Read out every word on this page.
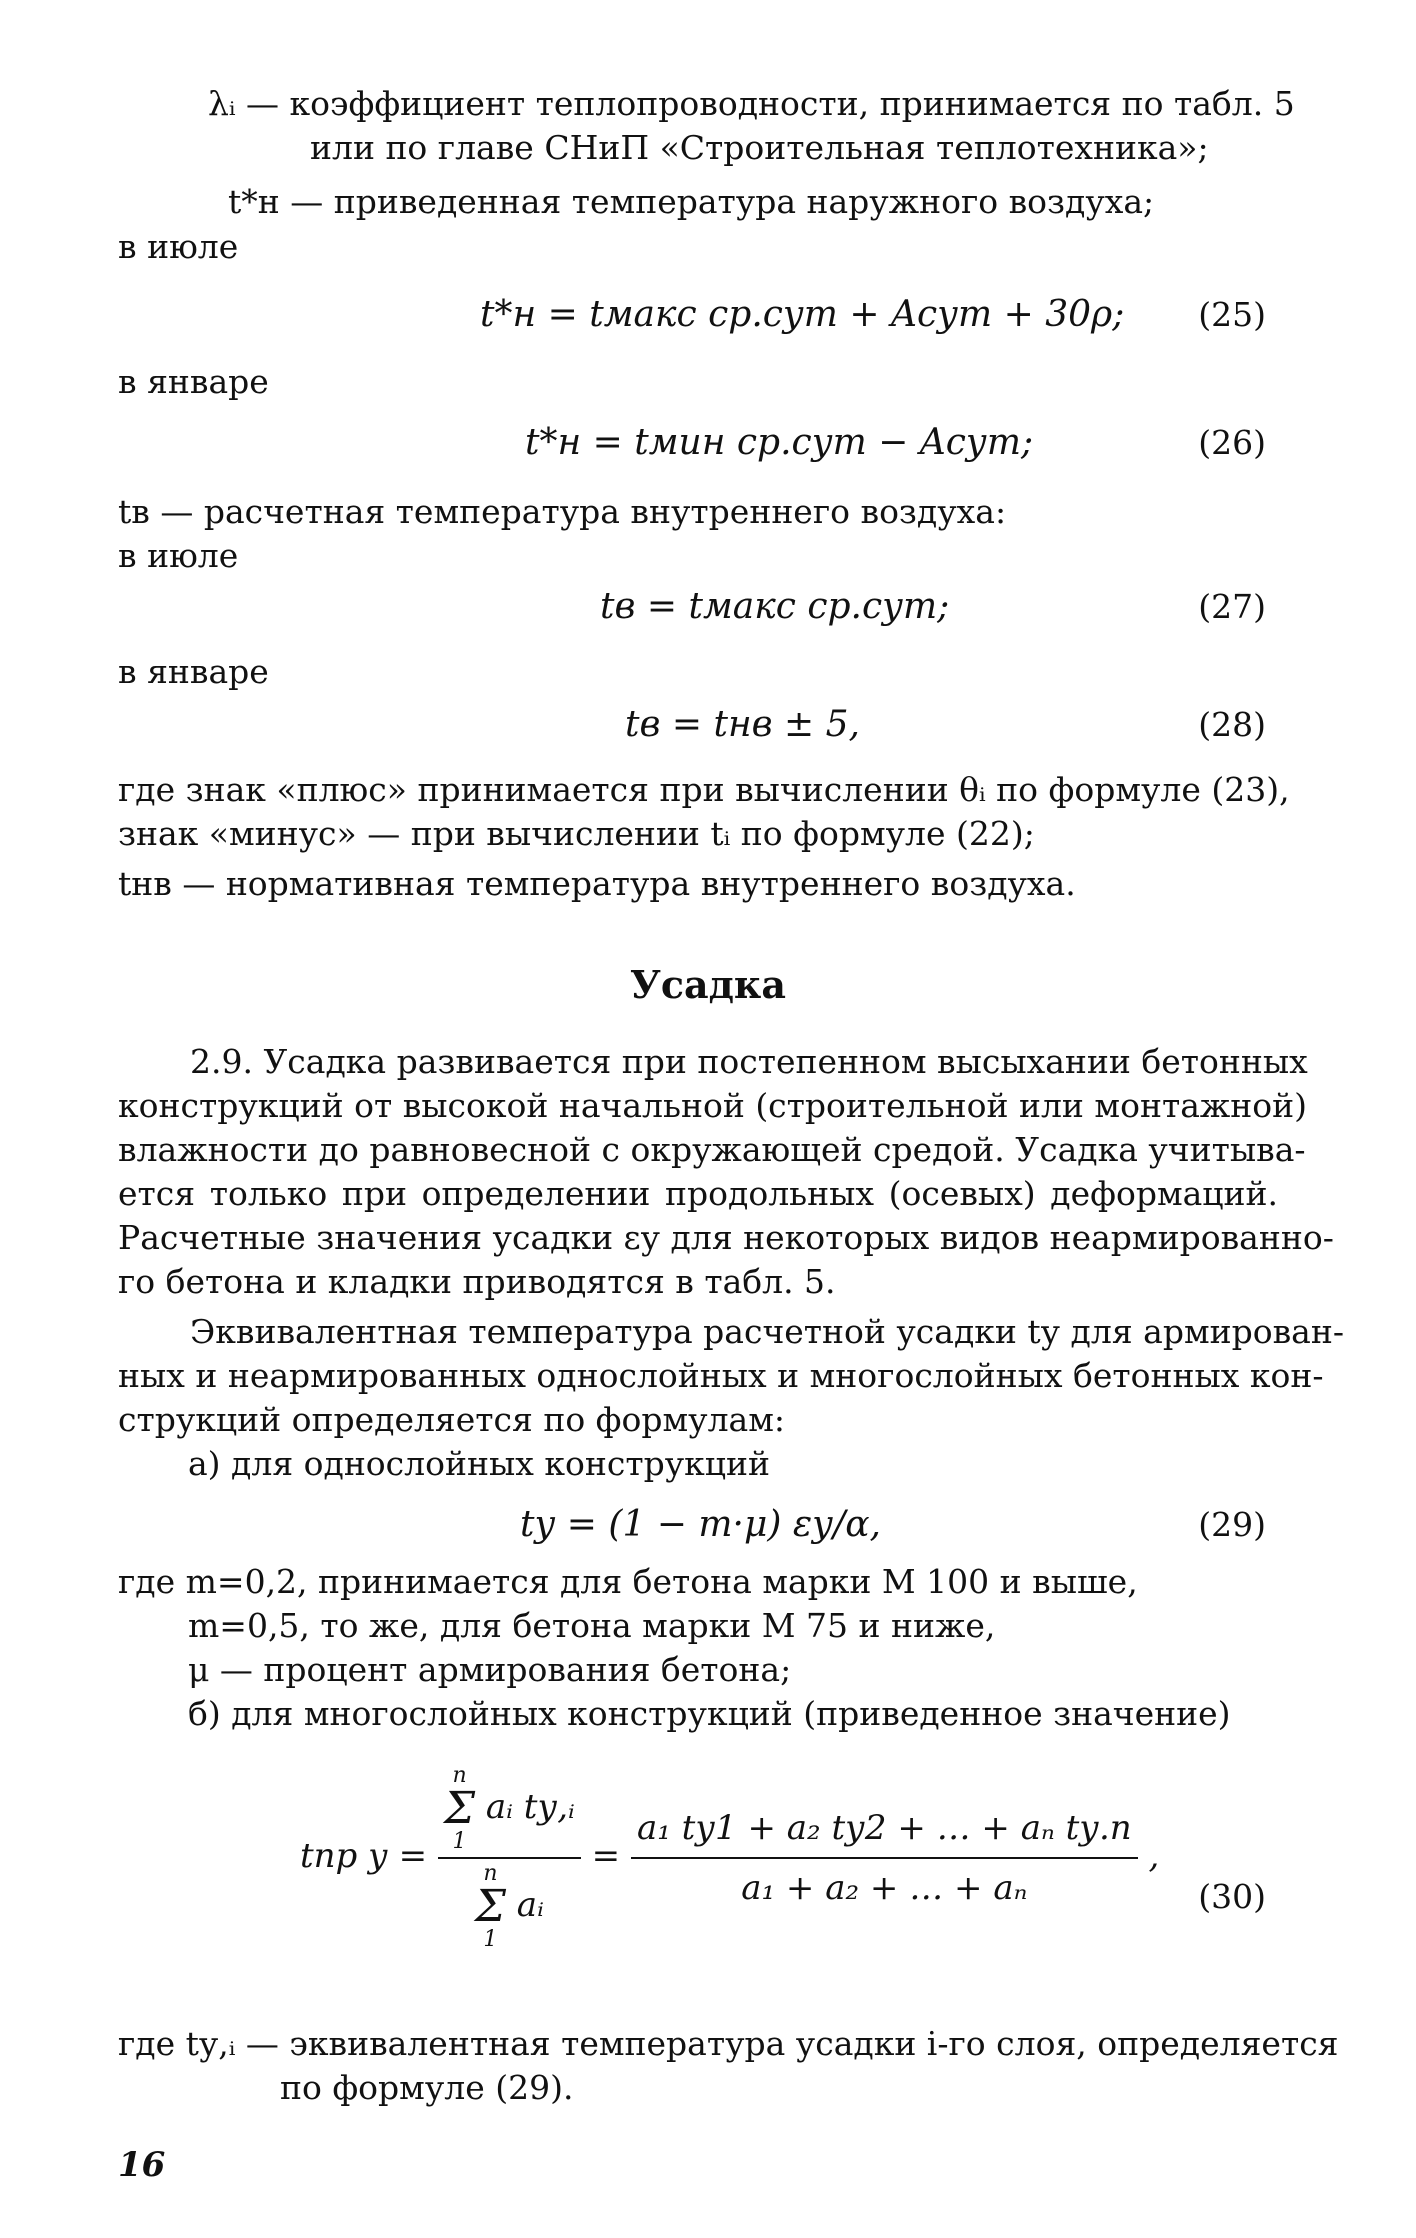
λᵢ — коэффициент теплопроводности, принимается по табл. 5
или по главе СНиП «Строительная теплотехника»;
t*н — приведенная температура наружного воздуха;
в июле
t*н = tмакс ср.сут + Aсут + 30ρ; (25)
в январе
t*н = tмин ср.сут − Aсут;	(26)
tв — расчетная температура внутреннего воздуха:
в июле
tв = tмакс ср.сут;	(27)
в январе
tв = tнв ± 5,	(28)
где знак «плюс» принимается при вычислении θᵢ по формуле (23),
знак «минус» — при вычислении tᵢ по формуле (22);
tнв — нормативная температура внутреннего воздуха.
Усадка
2.9. Усадка развивается при постепенном высыхании бетонных
конструкций от высокой начальной (строительной или монтажной)
влажности до равновесной с окружающей средой. Усадка учитыва-
ется только при определении продольных (осевых) деформаций.
Расчетные значения усадки εу для некоторых видов неармированно-
го бетона и кладки приводятся в табл. 5.
Эквивалентная температура расчетной усадки tу для армирован-
ных и неармированных однослойных и многослойных бетонных кон-
струкций определяется по формулам:
а) для однослойных конструкций
tу = (1 − m·μ) εу/α,	(29)
где m=0,2, принимается для бетона марки М 100 и выше,
m=0,5, то же, для бетона марки М 75 и ниже,
μ — процент армирования бетона;
б) для многослойных конструкций (приведенное значение)
tпр у = n
Σ
1
aᵢ tу,ᵢ
n
Σ
1
aᵢ = $\frac{\text{a₁ tу1 + a₂ tу2 + … + aₙ tу.n}}{\text{a₁ + a₂ + … + aₙ}}$ ,
(30)
где tу,ᵢ — эквивалентная температура усадки i-го слоя, определяется
по формуле (29).
16
